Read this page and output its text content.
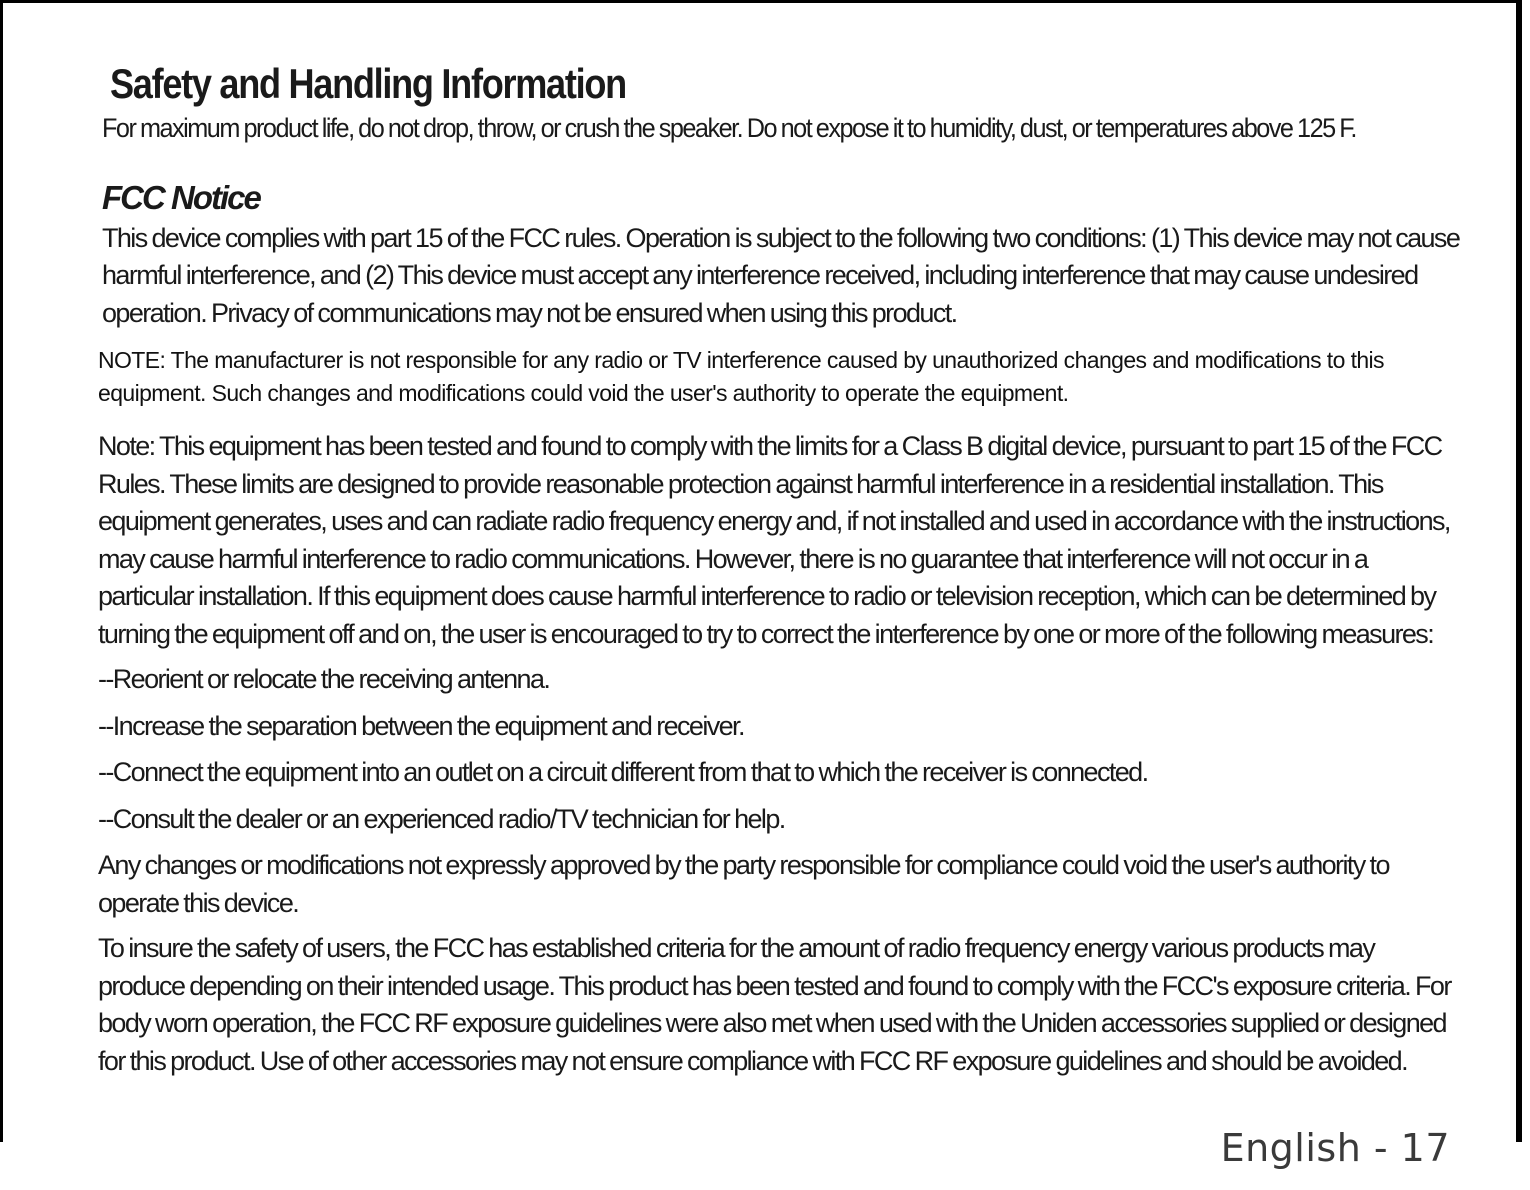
Safety and Handling Information

For maximum product life, do not drop, throw, or crush the speaker. Do not expose it to humidity, dust, or temperatures above 125 F.

FCC Notice

This device complies with part 15 of the FCC rules. Operation is subject to the following two conditions: (1) This device may not cause harmful interference, and (2) This device must accept any interference received, including interference that may cause undesired operation. Privacy of communications may not be ensured when using this product.

NOTE: The manufacturer is not responsible for any radio or TV interference caused by unauthorized changes and modifications to this equipment. Such changes and modifications could void the user's authority to operate the equipment.

Note: This equipment has been tested and found to comply with the limits for a Class B digital device, pursuant to part 15 of the FCC Rules. These limits are designed to provide reasonable protection against harmful interference in a residential installation. This equipment generates, uses and can radiate radio frequency energy and, if not installed and used in accordance with the instructions, may cause harmful interference to radio communications. However, there is no guarantee that interference will not occur in a particular installation. If this equipment does cause harmful interference to radio or television reception, which can be determined by turning the equipment off and on, the user is encouraged to try to correct the interference by one or more of the following measures:

--Reorient or relocate the receiving antenna.
--Increase the separation between the equipment and receiver.
--Connect the equipment into an outlet on a circuit different from that to which the receiver is connected.
--Consult the dealer or an experienced radio/TV technician for help.

Any changes or modifications not expressly approved by the party responsible for compliance could void the user's authority to operate this device.

To insure the safety of users, the FCC has established criteria for the amount of radio frequency energy various products may produce depending on their intended usage. This product has been tested and found to comply with the FCC's exposure criteria. For body worn operation, the FCC RF exposure guidelines were also met when used with the Uniden accessories supplied or designed for this product. Use of other accessories may not ensure compliance with FCC RF exposure guidelines and should be avoided.

English - 17
